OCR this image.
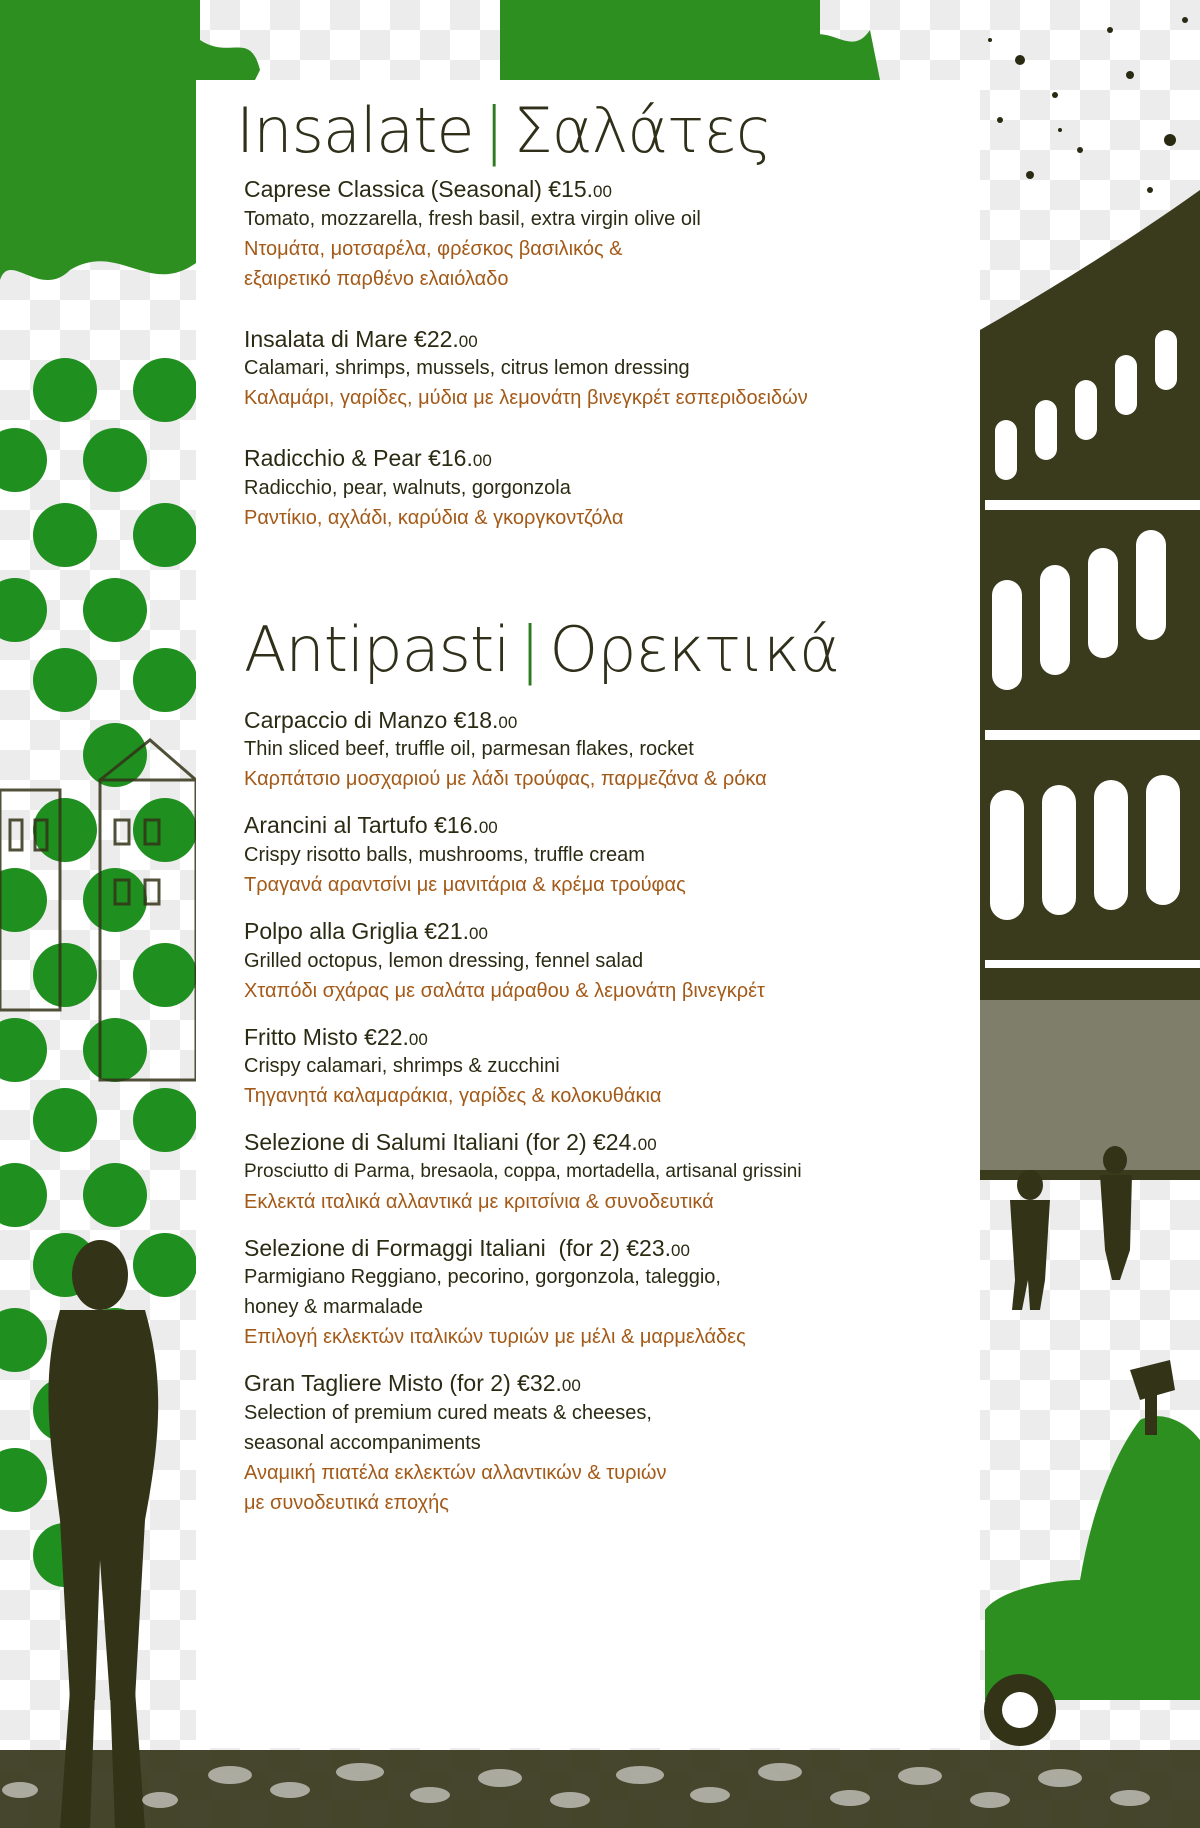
Insalate | Σαλάτες

Caprese Classica (Seasonal) €15.00

Tomato, mozzarella, fresh basil, extra virgin olive oil

Ντομάτα, μοτσαρέλα, φρέσκος βασιλικός &

εξαιρετικό παρθένο ελαιόλαδο

Insalata di Mare €22.00

Calamari, shrimps, mussels, citrus lemon dressing

Καλαμάρι, γαρίδες, μύδια με λεμονάτη βινεγκρέτ εσπεριδοειδών

Radicchio & Pear €16.00

Radicchio, pear, walnuts, gorgonzola

Ραντίκιο, αχλάδι, καρύδια & γκοργκοντζόλα

Antipasti | Ορεκτικά

Carpaccio di Manzo €18.00

Thin sliced beef, truffle oil, parmesan flakes, rocket

Καρπάτσιο μοσχαριού με λάδι τρούφας, παρμεζάνα & ρόκα

Arancini al Tartufo €16.00

Crispy risotto balls, mushrooms, truffle cream

Τραγανά αραντσίνι με μανιτάρια & κρέμα τρούφας

Polpo alla Griglia €21.00

Grilled octopus, lemon dressing, fennel salad

Χταπόδι σχάρας με σαλάτα μάραθου & λεμονάτη βινεγκρέτ

Fritto Misto €22.00

Crispy calamari, shrimps & zucchini

Τηγανητά καλαμαράκια, γαρίδες & κολοκυθάκια

Selezione di Salumi Italiani (for 2) €24.00

Prosciutto di Parma, bresaola, coppa, mortadella, artisanal grissini

Εκλεκτά ιταλικά αλλαντικά με κριτσίνια & συνοδευτικά

Selezione di Formaggi Italiani  (for 2) €23.00

Parmigiano Reggiano, pecorino, gorgonzola, taleggio,

honey & marmalade

Επιλογή εκλεκτών ιταλικών τυριών με μέλι & μαρμελάδες

Gran Tagliere Misto (for 2) €32.00

Selection of premium cured meats & cheeses,

seasonal accompaniments

Αναμική πιατέλα εκλεκτών αλλαντικών & τυριών

με συνοδευτικά εποχής
